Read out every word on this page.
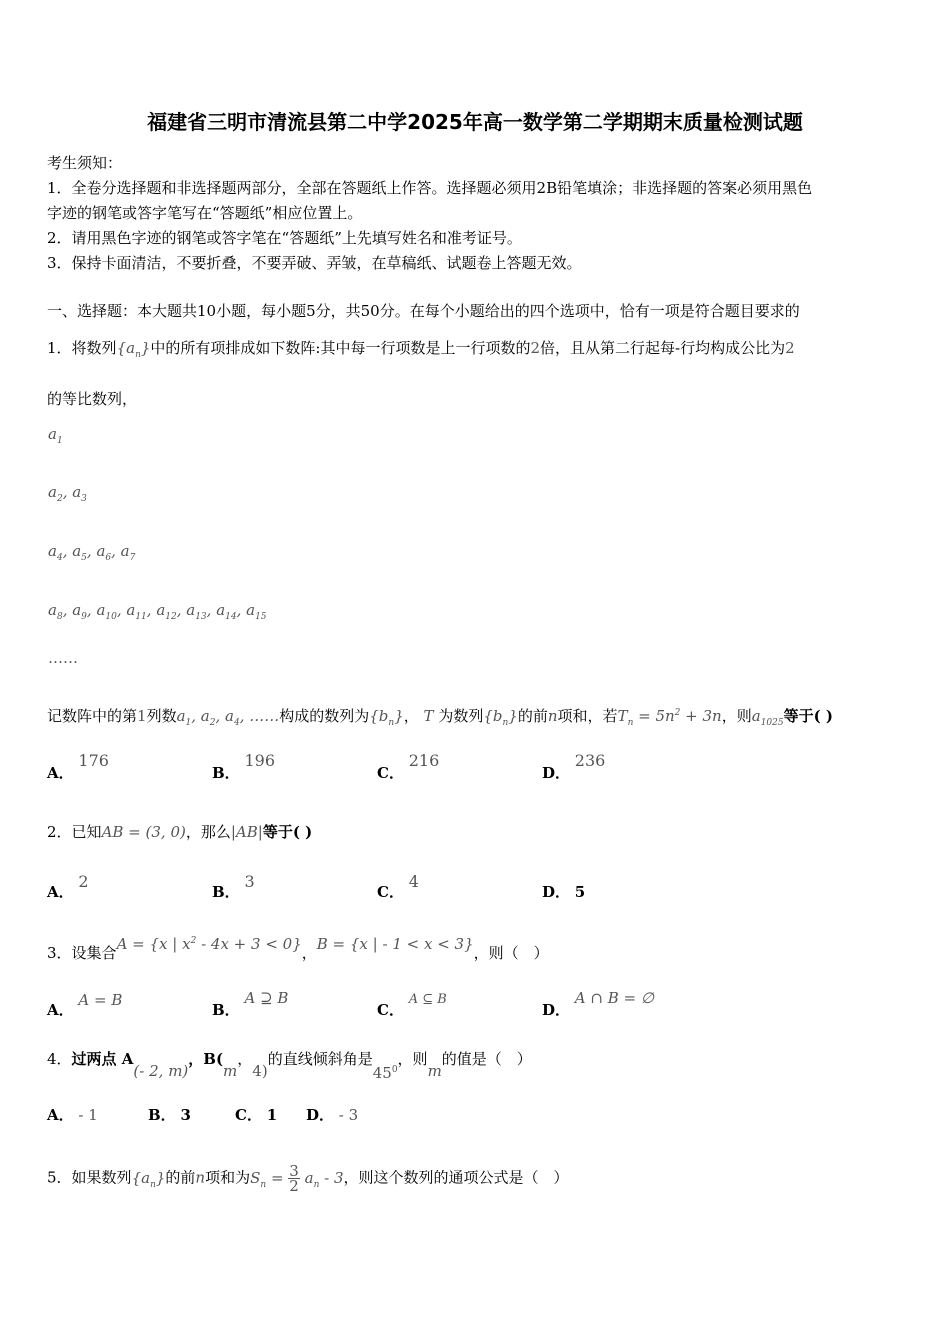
福建省三明市清流县第二中学2025年高一数学第二学期期末质量检测试题
考生须知：
1．全卷分选择题和非选择题两部分，全部在答题纸上作答。选择题必须用2B铅笔填涂；非选择题的答案必须用黑色
字迹的钢笔或答字笔写在“答题纸”相应位置上。
2．请用黑色字迹的钢笔或答字笔在“答题纸”上先填写姓名和准考证号。
3．保持卡面清洁，不要折叠，不要弄破、弄皱，在草稿纸、试题卷上答题无效。
一、选择题：本大题共10小题，每小题5分，共50分。在每个小题给出的四个选项中，恰有一项是符合题目要求的
1．将数列$\{a_n\}$中的所有项排成如下数阵:其中每一行项数是上一行项数的2倍，且从第二行起每-行均构成公比为2
的等比数列，
$a_1$
$a_2$, $a_3$
$a_4$, $a_5$, $a_6$, $a_7$
$a_8$, $a_9$, $a_{10}$, $a_{11}$, $a_{12}$, $a_{13}$, $a_{14}$, $a_{15}$
……
记数阵中的第1列数$a_1$, $a_2$, $a_4$, ……构成的数列为$\{b_n\}$， T 为数列$\{b_n\}$的前n项和，若$T_n = 5n^2 + 3n$，则$a_{1025}$等于( )
A． 176
B． 196
C． 216
D． 236
2．已知AB = (3, 0)，那么|AB|等于( )
A． 2
B． 3
C． 4
D． 5
3．设集合A = {x | $x^2 - 4x + 3 < 0$}，B = {x | - 1 < x < 3}，则（　）
A． A = B
B． A ⊇ B
C． A ⊆ B
D． A ∩ B = ∅
4．过两点 A(- 2, m)，B(m，4)的直线倾斜角是$45^0$，则m的值是（　）
A． - 1	B． 3	C． 1 D． - 3
5．如果数列$\{a_n\}$的前n项和为$S_n = \frac{3}{2} a_n - 3$，则这个数列的通项公式是（　）
